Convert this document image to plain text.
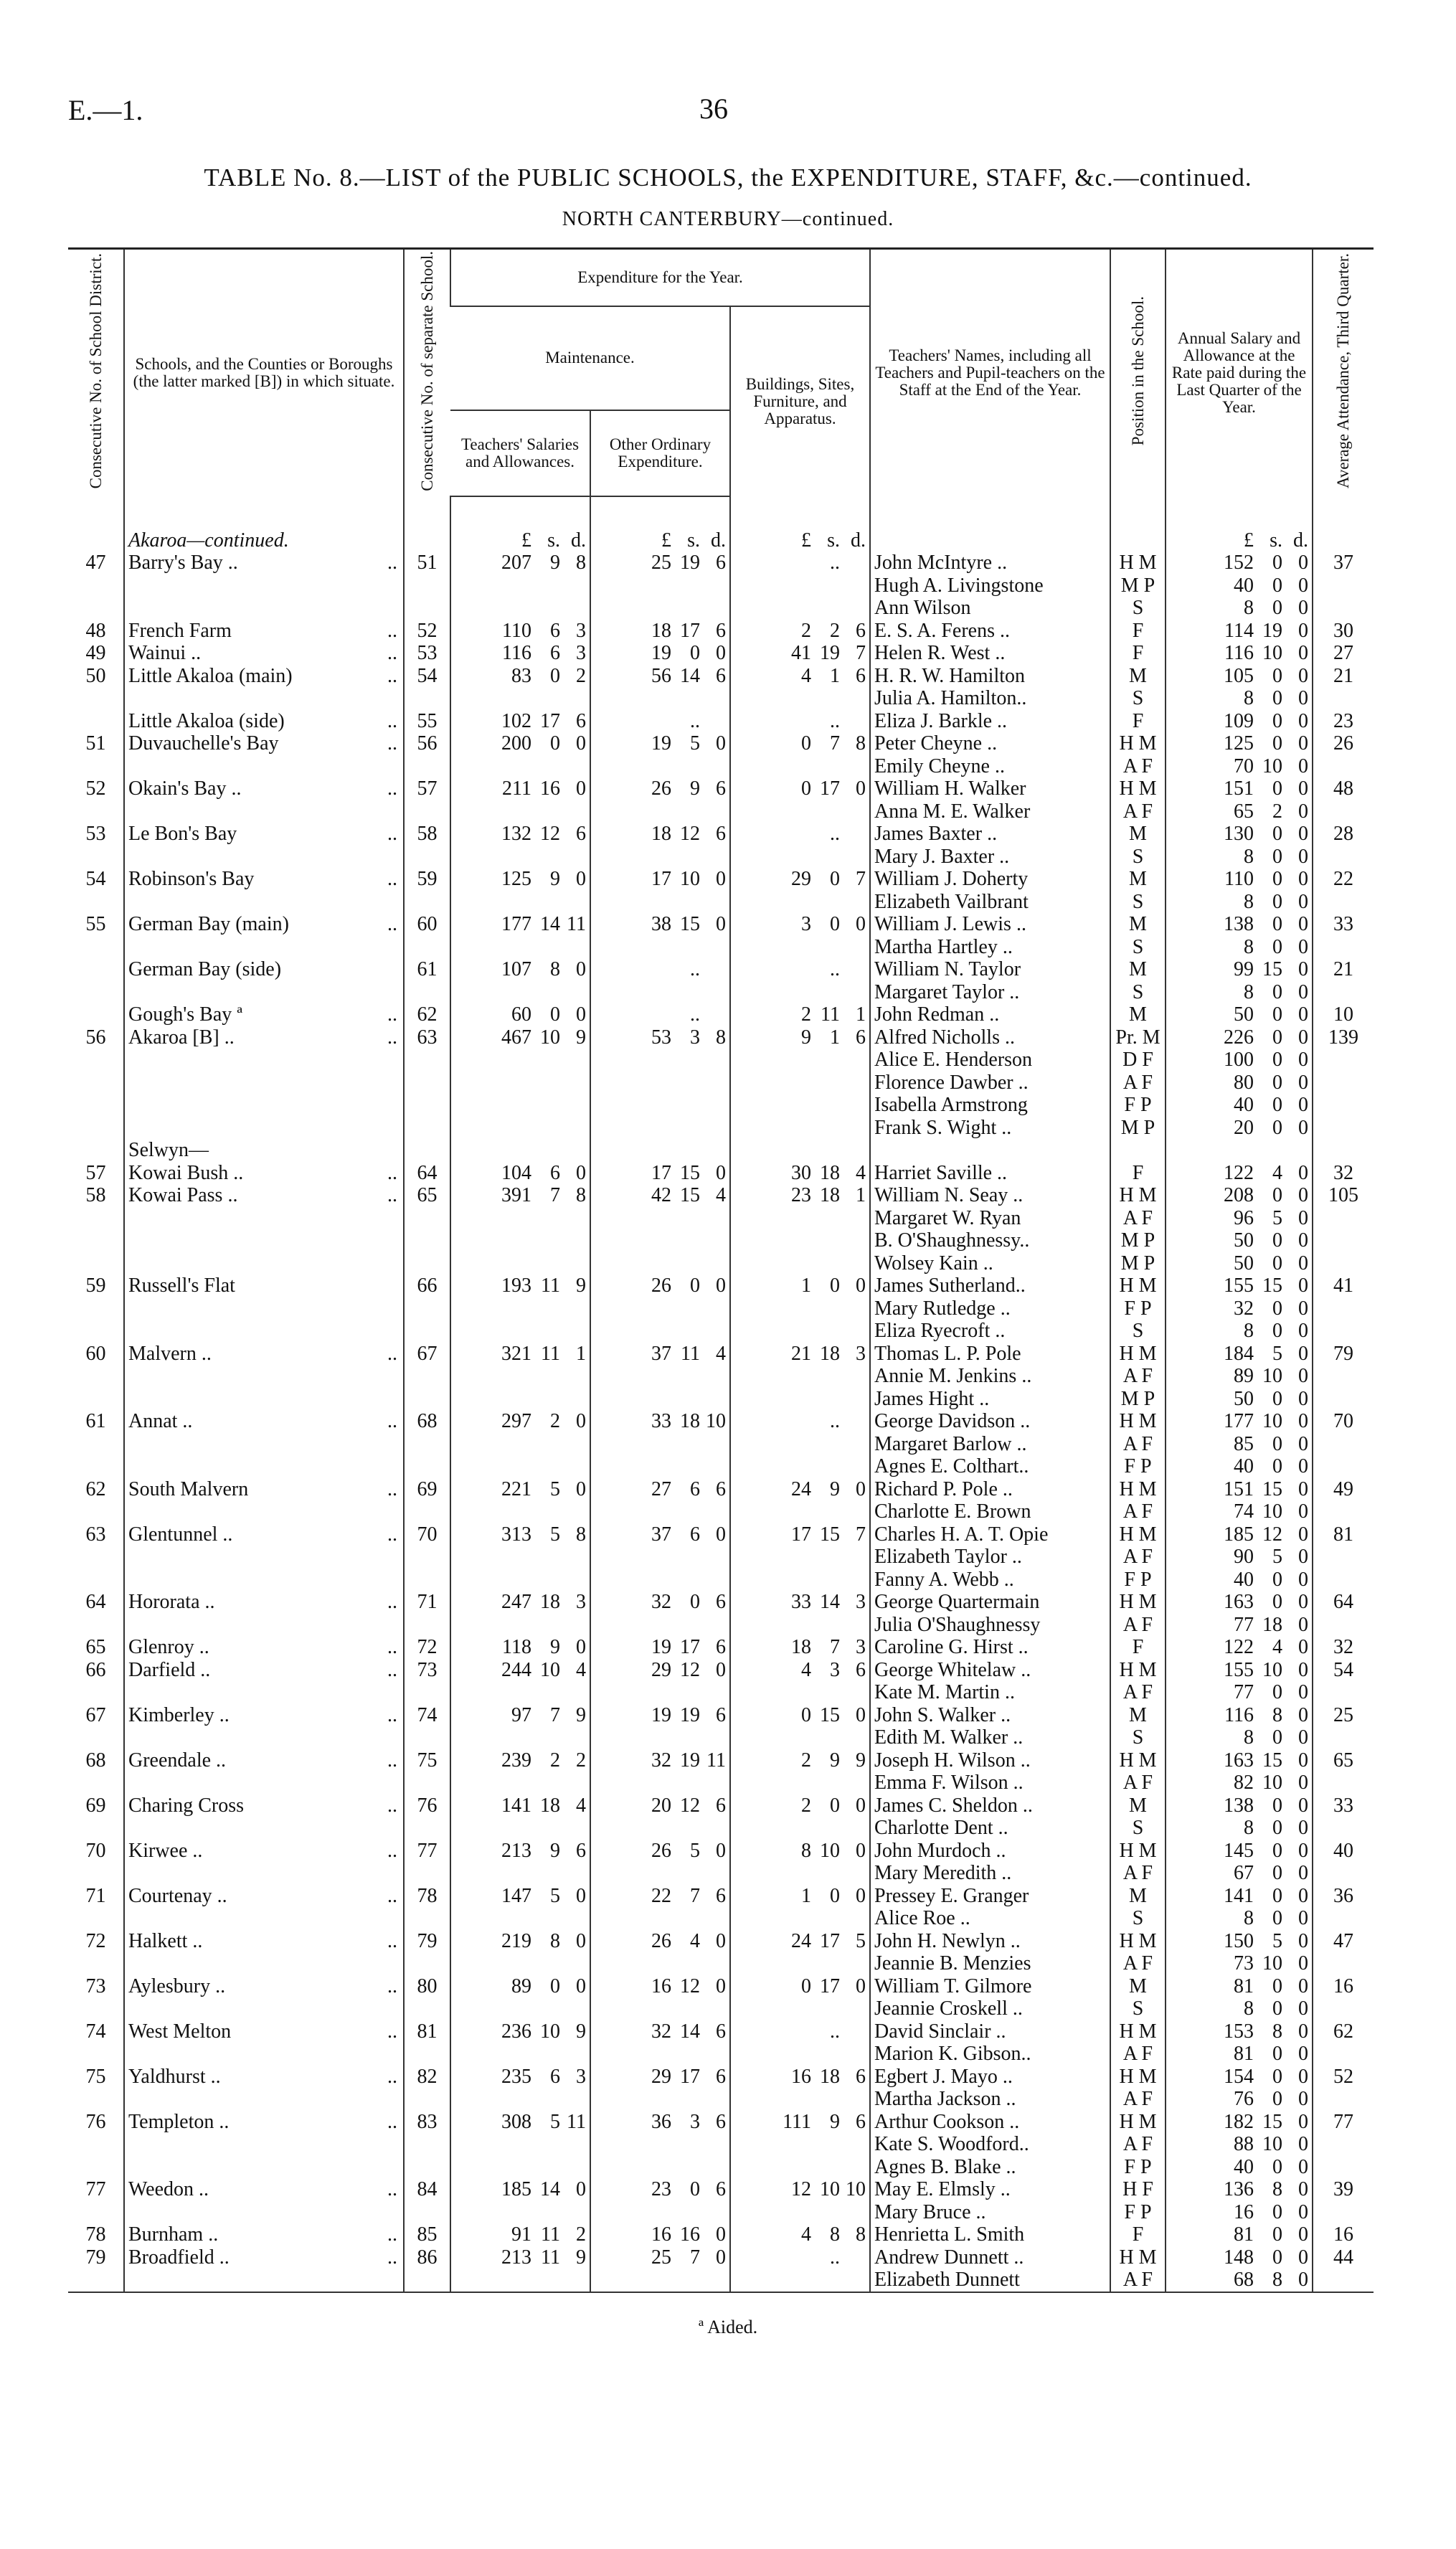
E.—1.	36
TABLE No. 8.—LIST of the PUBLIC SCHOOLS, the EXPENDITURE, STAFF, &c.—continued.
NORTH CANTERBURY—continued.
Consecutive No. of School District.	Schools, and the Counties or Boroughs (the latter marked [B]) in which situate.	Consecutive No. of separate School.	Expenditure for the Year.			Teachers' Names, including all Teachers and Pupil-teachers on the Staff at the End of the Year.	Position in the School.	Annual Salary and Allowance at the Rate paid during the Last Quarter of the Year.	Average Attendance, Third Quarter.
			Maintenance.		Buildings, Sites, Furniture, and Apparatus.				
			Teachers' Salaries and Allowances.	Other Ordinary Expenditure.					

	Akaroa—continued.		£ s. d.	£ s. d.	£ s. d.			£ s. d.	

47	Barry's Bay .. ..	51	207 9 8	25 19 6	..	John McIntyre ..	H M	152 0 0	37

	Hugh A. Livingstone	M P	40 0 0	

	Ann Wilson	S	8 0 0	

48	French Farm ..	52	110 6 3	18 17 6	2 2 6	E. S. A. Ferens ..	F	114 19 0	30
49	Wainui .. ..	53	116 6 3	19 0 0	41 19 7	Helen R. West ..	F	116 10 0	27
50	Little Akaloa (main) ..	54	83 0 2	56 14 6	4 1 6	H. R. W. Hamilton	M	105 0 0	21

	Julia A. Hamilton..	S	8 0 0	

	Little Akaloa (side) ..	55	102 17 6	..	..	Eliza J. Barkle ..	F	109 0 0	23
51	Duvauchelle's Bay ..	56	200 0 0	19 5 0	0 7 8	Peter Cheyne ..	H M	125 0 0	26

	Emily Cheyne ..	A F	70 10 0	

52	Okain's Bay .. ..	57	211 16 0	26 9 6	0 17 0	William H. Walker	H M	151 0 0	48

	Anna M. E. Walker	A F	65 2 0	

53	Le Bon's Bay ..	58	132 12 6	18 12 6	..	James Baxter ..	M	130 0 0	28

	Mary J. Baxter ..	S	8 0 0	

54	Robinson's Bay ..	59	125 9 0	17 10 0	29 0 7	William J. Doherty	M	110 0 0	22

	Elizabeth Vailbrant	S	8 0 0	

55	German Bay (main) ..	60	177 14 11	38 15 0	3 0 0	William J. Lewis ..	M	138 0 0	33

	Martha Hartley ..	S	8 0 0	

	German Bay (side)	61	107 8 0	..	..	William N. Taylor	M	99 15 0	21

	Margaret Taylor ..	S	8 0 0	

	Gough's Bay ª ..	62	60 0 0	..	2 11 1	John Redman ..	M	50 0 0	10
56	Akaroa [B] .. ..	63	467 10 9	53 3 8	9 1 6	Alfred Nicholls ..	Pr. M	226 0 0	139

	Alice E. Henderson	D F	100 0 0	

	Florence Dawber ..	A F	80 0 0	

	Isabella Armstrong	F P	40 0 0	

	Frank S. Wight ..	M P	20 0 0	

	Selwyn—		

57	Kowai Bush .. ..	64	104 6 0	17 15 0	30 18 4	Harriet Saville ..	F	122 4 0	32
58	Kowai Pass .. ..	65	391 7 8	42 15 4	23 18 1	William N. Seay ..	H M	208 0 0	105

	Margaret W. Ryan	A F	96 5 0	

	B. O'Shaughnessy..	M P	50 0 0	

	Wolsey Kain ..	M P	50 0 0	

59	Russell's Flat	66	193 11 9	26 0 0	1 0 0	James Sutherland..	H M	155 15 0	41

	Mary Rutledge ..	F P	32 0 0	

	Eliza Ryecroft ..	S	8 0 0	

60	Malvern .. ..	67	321 11 1	37 11 4	21 18 3	Thomas L. P. Pole	H M	184 5 0	79

	Annie M. Jenkins ..	A F	89 10 0	

	James Hight ..	M P	50 0 0	

61	Annat .. ..	68	297 2 0	33 18 10	..	George Davidson ..	H M	177 10 0	70

	Margaret Barlow ..	A F	85 0 0	

	Agnes E. Colthart..	F P	40 0 0	

62	South Malvern ..	69	221 5 0	27 6 6	24 9 0	Richard P. Pole ..	H M	151 15 0	49

	Charlotte E. Brown	A F	74 10 0	

63	Glentunnel .. ..	70	313 5 8	37 6 0	17 15 7	Charles H. A. T. Opie	H M	185 12 0	81

	Elizabeth Taylor ..	A F	90 5 0	

	Fanny A. Webb ..	F P	40 0 0	

64	Hororata .. ..	71	247 18 3	32 0 6	33 14 3	George Quartermain	H M	163 0 0	64

	Julia O'Shaughnessy	A F	77 18 0	

65	Glenroy .. ..	72	118 9 0	19 17 6	18 7 3	Caroline G. Hirst ..	F	122 4 0	32
66	Darfield .. ..	73	244 10 4	29 12 0	4 3 6	George Whitelaw ..	H M	155 10 0	54

	Kate M. Martin ..	A F	77 0 0	

67	Kimberley .. ..	74	97 7 9	19 19 6	0 15 0	John S. Walker ..	M	116 8 0	25

	Edith M. Walker ..	S	8 0 0	

68	Greendale .. ..	75	239 2 2	32 19 11	2 9 9	Joseph H. Wilson ..	H M	163 15 0	65

	Emma F. Wilson ..	A F	82 10 0	

69	Charing Cross ..	76	141 18 4	20 12 6	2 0 0	James C. Sheldon ..	M	138 0 0	33

	Charlotte Dent ..	S	8 0 0	

70	Kirwee .. ..	77	213 9 6	26 5 0	8 10 0	John Murdoch ..	H M	145 0 0	40

	Mary Meredith ..	A F	67 0 0	

71	Courtenay .. ..	78	147 5 0	22 7 6	1 0 0	Pressey E. Granger	M	141 0 0	36

	Alice Roe ..	S	8 0 0	

72	Halkett .. ..	79	219 8 0	26 4 0	24 17 5	John H. Newlyn ..	H M	150 5 0	47

	Jeannie B. Menzies	A F	73 10 0	

73	Aylesbury .. ..	80	89 0 0	16 12 0	0 17 0	William T. Gilmore	M	81 0 0	16

	Jeannie Croskell ..	S	8 0 0	

74	West Melton ..	81	236 10 9	32 14 6	..	David Sinclair ..	H M	153 8 0	62

	Marion K. Gibson..	A F	81 0 0	

75	Yaldhurst .. ..	82	235 6 3	29 17 6	16 18 6	Egbert J. Mayo ..	H M	154 0 0	52

	Martha Jackson ..	A F	76 0 0	

76	Templeton .. ..	83	308 5 11	36 3 6	111 9 6	Arthur Cookson ..	H M	182 15 0	77

	Kate S. Woodford..	A F	88 10 0	

	Agnes B. Blake ..	F P	40 0 0	

77	Weedon .. ..	84	185 14 0	23 0 6	12 10 10	May E. Elmsly ..	H F	136 8 0	39

	Mary Bruce ..	F P	16 0 0	

78	Burnham .. ..	85	91 11 2	16 16 0	4 8 8	Henrietta L. Smith	F	81 0 0	16
79	Broadfield .. ..	86	213 11 9	25 7 0	..	Andrew Dunnett ..	H M	148 0 0	44

	Elizabeth Dunnett	A F	68 8 0	

ª Aided.
